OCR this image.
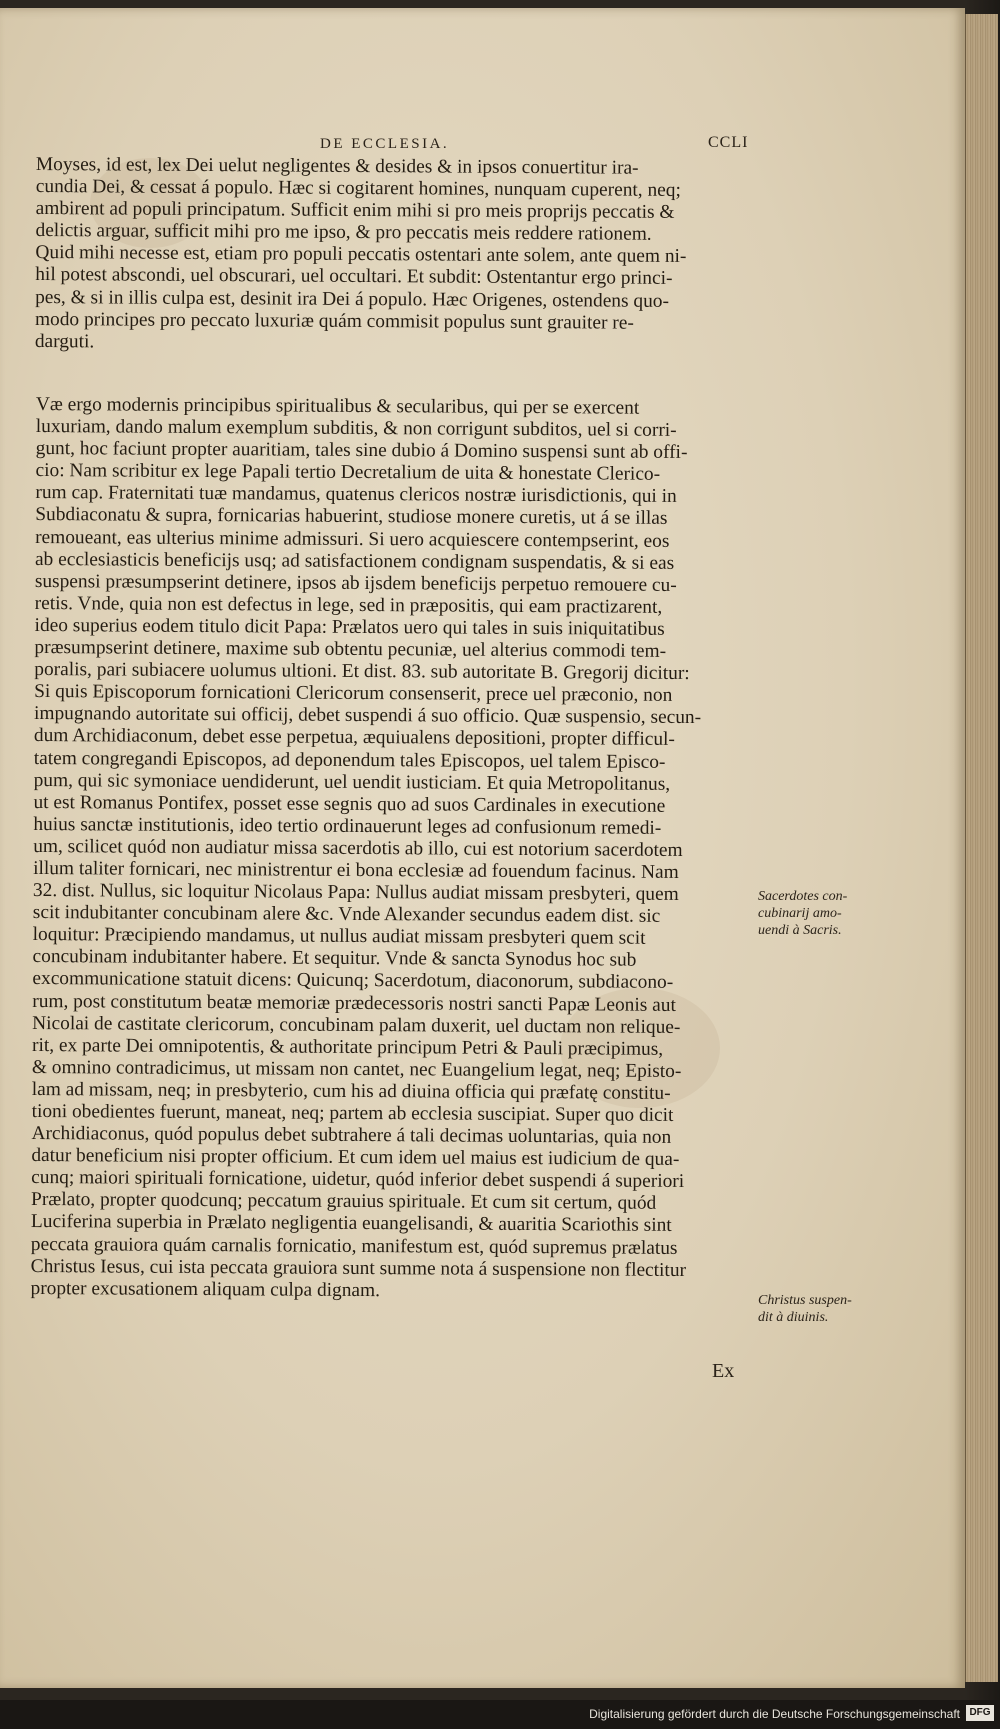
DE ECCLESIA.	CCLI
Moyses, id est, lex Dei uelut negligentes & desides & in ipsos conuertitur ira-
cundia Dei, & cessat á populo. Hæc si cogitarent homines, nunquam cuperent, neq;
ambirent ad populi principatum. Sufficit enim mihi si pro meis proprijs peccatis &
delictis arguar, sufficit mihi pro me ipso, & pro peccatis meis reddere rationem.
Quid mihi necesse est, etiam pro populi peccatis ostentari ante solem, ante quem ni-
hil potest abscondi, uel obscurari, uel occultari. Et subdit: Ostentantur ergo princi-
pes, & si in illis culpa est, desinit ira Dei á populo. Hæc Origenes, ostendens quo-
modo principes pro peccato luxuriæ quám commisit populus sunt grauiter re-
darguti.
Væ ergo modernis principibus spiritualibus & secularibus, qui per se exercent
luxuriam, dando malum exemplum subditis, & non corrigunt subditos, uel si corri-
gunt, hoc faciunt propter auaritiam, tales sine dubio á Domino suspensi sunt ab offi-
cio: Nam scribitur ex lege Papali tertio Decretalium de uita & honestate Clerico-
rum cap. Fraternitati tuæ mandamus, quatenus clericos nostræ iurisdictionis, qui in
Subdiaconatu & supra, fornicarias habuerint, studiose monere curetis, ut á se illas
remoueant, eas ulterius minime admissuri. Si uero acquiescere contempserint, eos
ab ecclesiasticis beneficijs usq; ad satisfactionem condignam suspendatis, & si eas
suspensi præsumpserint detinere, ipsos ab ijsdem beneficijs perpetuo remouere cu-
retis. Vnde, quia non est defectus in lege, sed in præpositis, qui eam practizarent,
ideo superius eodem titulo dicit Papa: Prælatos uero qui tales in suis iniquitatibus
præsumpserint detinere, maxime sub obtentu pecuniæ, uel alterius commodi tem-
poralis, pari subiacere uolumus ultioni. Et dist. 83. sub autoritate B. Gregorij dicitur:
Si quis Episcoporum fornicationi Clericorum consenserit, prece uel præconio, non
impugnando autoritate sui officij, debet suspendi á suo officio. Quæ suspensio, secun-
dum Archidiaconum, debet esse perpetua, æquiualens depositioni, propter difficul-
tatem congregandi Episcopos, ad deponendum tales Episcopos, uel talem Episco-
pum, qui sic symoniace uendiderunt, uel uendit iusticiam. Et quia Metropolitanus,
ut est Romanus Pontifex, posset esse segnis quo ad suos Cardinales in executione
huius sanctæ institutionis, ideo tertio ordinauerunt leges ad confusionum remedi-
um, scilicet quód non audiatur missa sacerdotis ab illo, cui est notorium sacerdotem
illum taliter fornicari, nec ministrentur ei bona ecclesiæ ad fouendum facinus. Nam
32. dist. Nullus, sic loquitur Nicolaus Papa: Nullus audiat missam presbyteri, quem
scit indubitanter concubinam alere &c. Vnde Alexander secundus eadem dist. sic
loquitur: Præcipiendo mandamus, ut nullus audiat missam presbyteri quem scit
concubinam indubitanter habere. Et sequitur. Vnde & sancta Synodus hoc sub
excommunicatione statuit dicens: Quicunq; Sacerdotum, diaconorum, subdiacono-
rum, post constitutum beatæ memoriæ prædecessoris nostri sancti Papæ Leonis aut
Nicolai de castitate clericorum, concubinam palam duxerit, uel ductam non relique-
rit, ex parte Dei omnipotentis, & authoritate principum Petri & Pauli præcipimus,
& omnino contradicimus, ut missam non cantet, nec Euangelium legat, neq; Episto-
lam ad missam, neq; in presbyterio, cum his ad diuina officia qui præfatę constitu-
tioni obedientes fuerunt, maneat, neq; partem ab ecclesia suscipiat. Super quo dicit
Archidiaconus, quód populus debet subtrahere á tali decimas uoluntarias, quia non
datur beneficium nisi propter officium. Et cum idem uel maius est iudicium de qua-
cunq; maiori spirituali fornicatione, uidetur, quód inferior debet suspendi á superiori
Prælato, propter quodcunq; peccatum grauius spirituale. Et cum sit certum, quód
Luciferina superbia in Prælato negligentia euangelisandi, & auaritia Scariothis sint
peccata grauiora quám carnalis fornicatio, manifestum est, quód supremus prælatus
Christus Iesus, cui ista peccata grauiora sunt summe nota á suspensione non flectitur
propter excusationem aliquam culpa dignam.
Sacerdotes con-
cubinarij amo-
uendi à Sacris.
Christus suspen-
dit à diuinis.
Ex
Digitalisierung gefördert durch die Deutsche Forschungsgemeinschaft DFG
